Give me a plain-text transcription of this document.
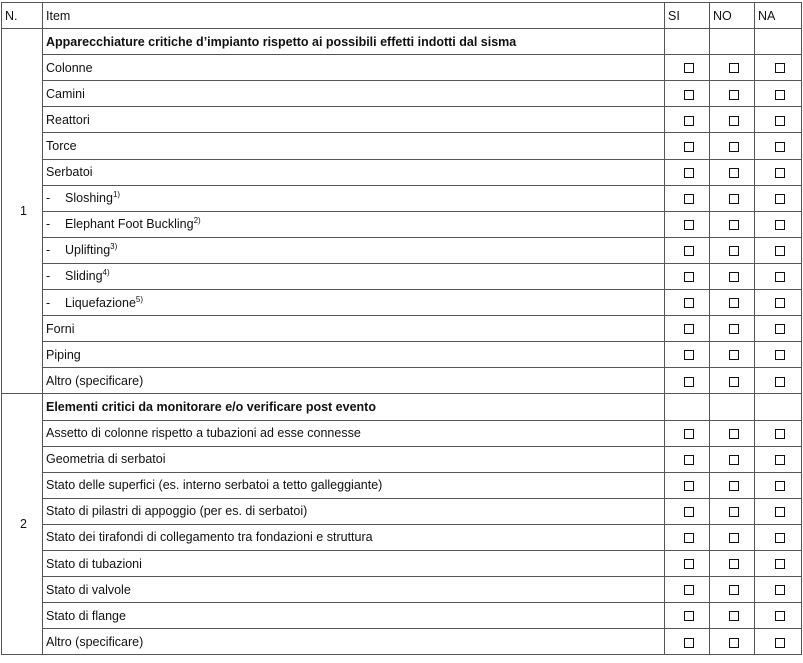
N.	Item	SI	NO	NA
1	Apparecchiature critiche d’impianto rispetto ai possibili effetti indotti dal sisma			
	Colonne			
	Camini			
	Reattori			
	Torce			
	Serbatoi			
	- Sloshing$^{1)}$			
	- Elephant Foot Buckling$^{2)}$			
	- Uplifting$^{3)}$			
	- Sliding$^{4)}$			
	- Liquefazione$^{5)}$			
	Forni			
	Piping			
	Altro (specificare)			
2	Elementi critici da monitorare e/o verificare post evento			
	Assetto di colonne rispetto a tubazioni ad esse connesse			
	Geometria di serbatoi			
	Stato delle superfici (es. interno serbatoi a tetto galleggiante)			
	Stato di pilastri di appoggio (per es. di serbatoi)			
	Stato dei tirafondi di collegamento tra fondazioni e struttura			
	Stato di tubazioni			
	Stato di valvole			
	Stato di flange			
	Altro (specificare)			
